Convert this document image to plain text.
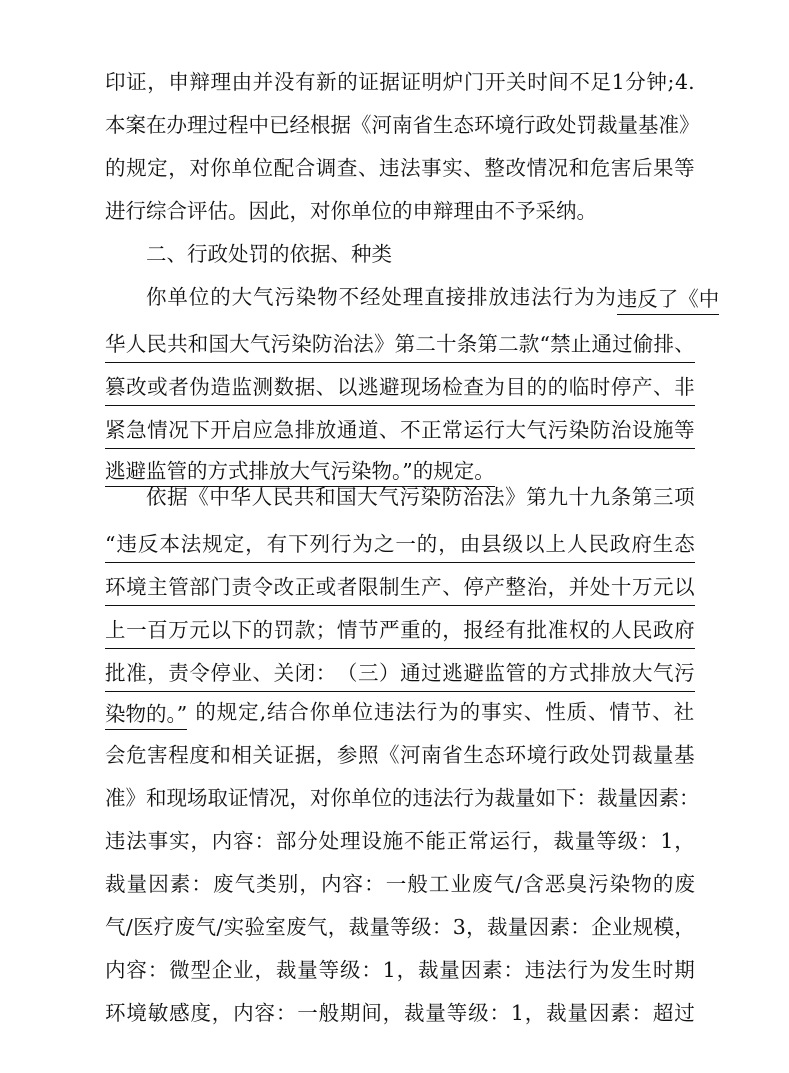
印 证 ， 申 辩 理 由 并 没 有 新 的 证 据 证 明 炉 门 开 关 时 间 不 足 1 分 钟 ; 4.
本 案 在 办 理 过 程 中 已 经 根 据 《 河 南 省 生 态 环 境 行 政 处 罚 裁 量 基 准 》
的 规 定 ， 对 你 单 位 配 合 调 查 、 违 法 事 实 、 整 改 情 况 和 危 害 后 果 等
进行综合评估。因此，对你单位的申辩理由不予采纳。
二、行政处罚的依据、种类
你单位的大气污染物不经处理直接排放违法行为为 违反了《中
华 人 民 共 和 国 大 气 污 染 防 治 法 》 第 二 十 条 第 二 款 “ 禁 止 通 过 偷 排 、
篡 改 或 者 伪 造 监 测 数 据 、 以 逃 避 现 场 检 查 为 目 的 的 临 时 停 产 、 非
紧 急 情 况 下 开 启 应 急 排 放 通 道 、 不 正 常 运 行 大 气 污 染 防 治 设 施 等
逃避监管的方式排放大气污染物。”的规定。
依 据 《 中 华 人 民 共 和 国 大 气 污 染 防 治 法 》 第 九 十 九 条 第 三 项
“ 违 反 本 法 规 定 ， 有 下 列 行 为 之 一 的 ， 由 县 级 以 上 人 民 政 府 生 态
环 境 主 管 部 门 责 令 改 正 或 者 限 制 生 产 、 停 产 整 治 ， 并 处 十 万 元 以
上 一 百 万 元 以 下 的 罚 款 ； 情 节 严 重 的 ， 报 经 有 批 准 权 的 人 民 政 府
批 准 ， 责 令 停 业 、 关 闭 ： （ 三 ） 通 过 逃 避 监 管 的 方 式 排 放 大 气 污
染物的。” 的规定,结合你单位违法行为的事实、性质、情节、社
会 危 害 程 度 和 相 关 证 据 ， 参 照 《 河 南 省 生 态 环 境 行 政 处 罚 裁 量 基
准 》 和 现 场 取 证 情 况 ， 对 你 单 位 的 违 法 行 为 裁 量 如 下 ： 裁 量 因 素 ：
违 法 事 实 ， 内 容 ： 部 分 处 理 设 施 不 能 正 常 运 行 ， 裁 量 等 级 ： 1 ，
裁 量 因 素 ： 废 气 类 别 ， 内 容 ： 一 般 工 业 废 气 / 含 恶 臭 污 染 物 的 废
气 / 医 疗 废 气 / 实 验 室 废 气 ， 裁 量 等 级 ： 3 ， 裁 量 因 素 ： 企 业 规 模 ，
内 容 ： 微 型 企 业 ， 裁 量 等 级 ： 1 ， 裁 量 因 素 ： 违 法 行 为 发 生 时 期
环 境 敏 感 度 ， 内 容 ： 一 般 期 间 ， 裁 量 等 级 ： 1 ， 裁 量 因 素 ： 超 过
